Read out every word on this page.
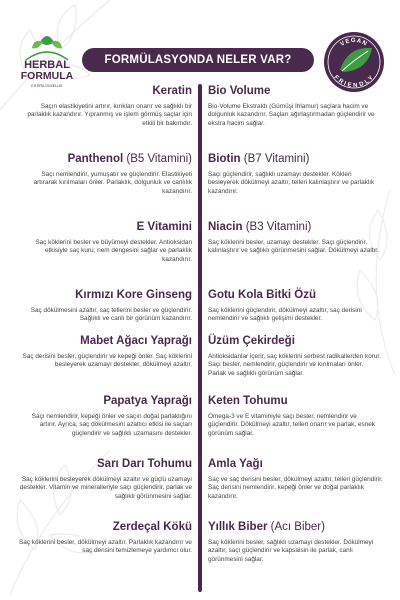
HERBAL
FORMULA
ESTİRA GÜZELLİK
FORMÜLASYONDA NELER VAR?
VEGAN
FRIENDLY
Keratin
Saçın elastikiyetini artırır, kırıkları onarır ve sağlıklı bir parlaklık kazandırır. Yıpranmış ve işlem görmüş saçlar için etkili bir bakımdır.
Panthenol (B5 Vitamini)
Saçı nemlendirir, yumuşatır ve güçlendirir. Elastikiyeti artırarak kırılmaları önler. Parlaklık, dolgunluk ve canlılık kazandırır.
E Vitamini
Saç köklerini besler ve büyümeyi destekler. Antioksidan etkisiyle saç kuru; nem dengesini sağlar ve parlaklık kazandırır.
Kırmızı Kore Ginseng
Saç dökülmesini azaltır, saç tellerini besler ve güçlendirir. Sağlıklı ve canlı bir görünüm kazandırır.
Mabet Ağacı Yaprağı
Saç derisini besler, güçlendirir ve kepeği önler. Saç köklerini besleyerek uzamayı destekler, dökülmeyi azaltır.
Papatya Yaprağı
Saçı nemlendirir, kepeği önler ve saçın doğal parlaklığını artırır. Ayrıca, saç dökülmesini azaltıcı etkisi ile saçları güçlendirir ve sağlıklı uzamasını destekler.
Sarı Darı Tohumu
Saç köklerini besleyerek dökülmeyi azaltır ve güçlü uzamayı destekler. Vitamin ve mineralleriyle saçı güçlendirir, parlak ve sağlıklı görünmesini sağlar.
Zerdeçal Kökü
Saç köklerini besler, dökülmeyi azaltır. Parlaklık kazandırır ve saç derisini temizlemeye yardımcı olur.
Bio Volume
Bio-Volume Ekstraktı (Gümüşi Ihlamur) saçlara hacim ve dolgunluk kazandırır. Saçları ağırlaştırmadan güçlendirir ve ekstra hacim sağlar.
Biotin (B7 Vitamini)
Saçı güçlendirir, sağlıklı uzamayı destekler. Kökleri besleyerek dökülmeyi azaltır, telleri kalınlaştırır ve parlaklık kazandırır.
Niacin (B3 Vitamini)
Saç köklerini besler, uzamayı destekler. Saçı güçlendirir, kalınlaştırır ve sağlıklı görünmesini sağlar. Dökülmeyi azaltır.
Gotu Kola Bitki Özü
Saç köklerini güçlendirir, dökülmeyi azaltır, saç derisini nemlendirir ve sağlıklı gelişimi destekler.
Üzüm Çekirdeği
Antioksidanlar içerir, saç köklerini serbest radikallerden korur. Saçı besler, nemlendirir, güçlendirir ve kırılmaları önler. Parlak ve sağlıklı görünüm sağlar.
Keten Tohumu
Omega-3 ve E vitaminiyle saçı besler, nemlendirir ve güçlendirir. Dökülmeyi azaltır, telleri onarır ve parlak, esnek görünüm sağlar.
Amla Yağı
Saç ve saç derisini besler, dökülmeyi azaltır, telleri güçlendirir. Saç derisini nemlendirir, kepeği önler ve doğal parlaklık kazandırır.
Yıllık Biber (Acı Biber)
Saç köklerini besler, sağlıklı uzamayı destekler. Dökülmeyi azaltır, saçı güçlendirir ve kapsaisin ile parlak, canlı görünmesini sağlar.
